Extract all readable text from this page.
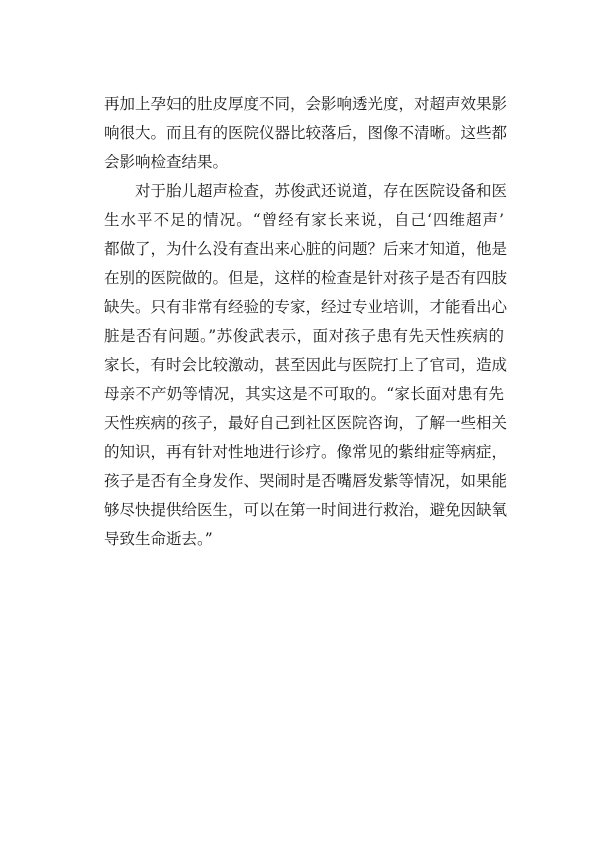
再加上孕妇的肚皮厚度不同，会影响透光度，对超声效果影
响很大。而且有的医院仪器比较落后，图像不清晰。这些都
会影响检查结果。
对于胎儿超声检查，苏俊武还说道，存在医院设备和医
生水平不足的情况。“曾经有家长来说，自己‘四维超声’
都做了，为什么没有查出来心脏的问题？后来才知道，他是
在别的医院做的。但是，这样的检查是针对孩子是否有四肢
缺失。只有非常有经验的专家，经过专业培训，才能看出心
脏是否有问题。”苏俊武表示，面对孩子患有先天性疾病的
家长，有时会比较激动，甚至因此与医院打上了官司，造成
母亲不产奶等情况，其实这是不可取的。“家长面对患有先
天性疾病的孩子，最好自己到社区医院咨询，了解一些相关
的知识，再有针对性地进行诊疗。像常见的紫绀症等病症，
孩子是否有全身发作、哭闹时是否嘴唇发紫等情况，如果能
够尽快提供给医生，可以在第一时间进行救治，避免因缺氧
导致生命逝去。”
